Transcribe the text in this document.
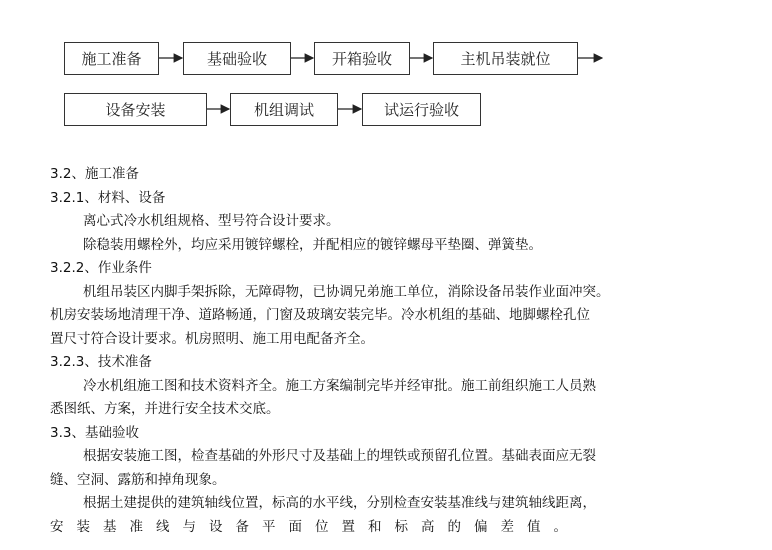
施工准备	基础验收	开箱验收	主机吊装就位
设备安装	机组调试	试运行验收
3.2、施工准备
3.2.1、材料、设备
离心式冷水机组规格、型号符合设计要求。
除稳装用螺栓外，均应采用镀锌螺栓，并配相应的镀锌螺母平垫圈、弹簧垫。
3.2.2、作业条件
机组吊装区内脚手架拆除，无障碍物，已协调兄弟施工单位，消除设备吊装作业面冲突。
机房安装场地清理干净、道路畅通，门窗及玻璃安装完毕。冷水机组的基础、地脚螺栓孔位
置尺寸符合设计要求。机房照明、施工用电配备齐全。
3.2.3、技术准备
冷水机组施工图和技术资料齐全。施工方案编制完毕并经审批。施工前组织施工人员熟
悉图纸、方案，并进行安全技术交底。
3.3、基础验收
根据安装施工图，检查基础的外形尺寸及基础上的埋铁或预留孔位置。基础表面应无裂
缝、空洞、露筋和掉角现象。
根据土建提供的建筑轴线位置，标高的水平线，分别检查安装基准线与建筑轴线距离，
安装基准线与设备平面位置和标高的偏差值。
